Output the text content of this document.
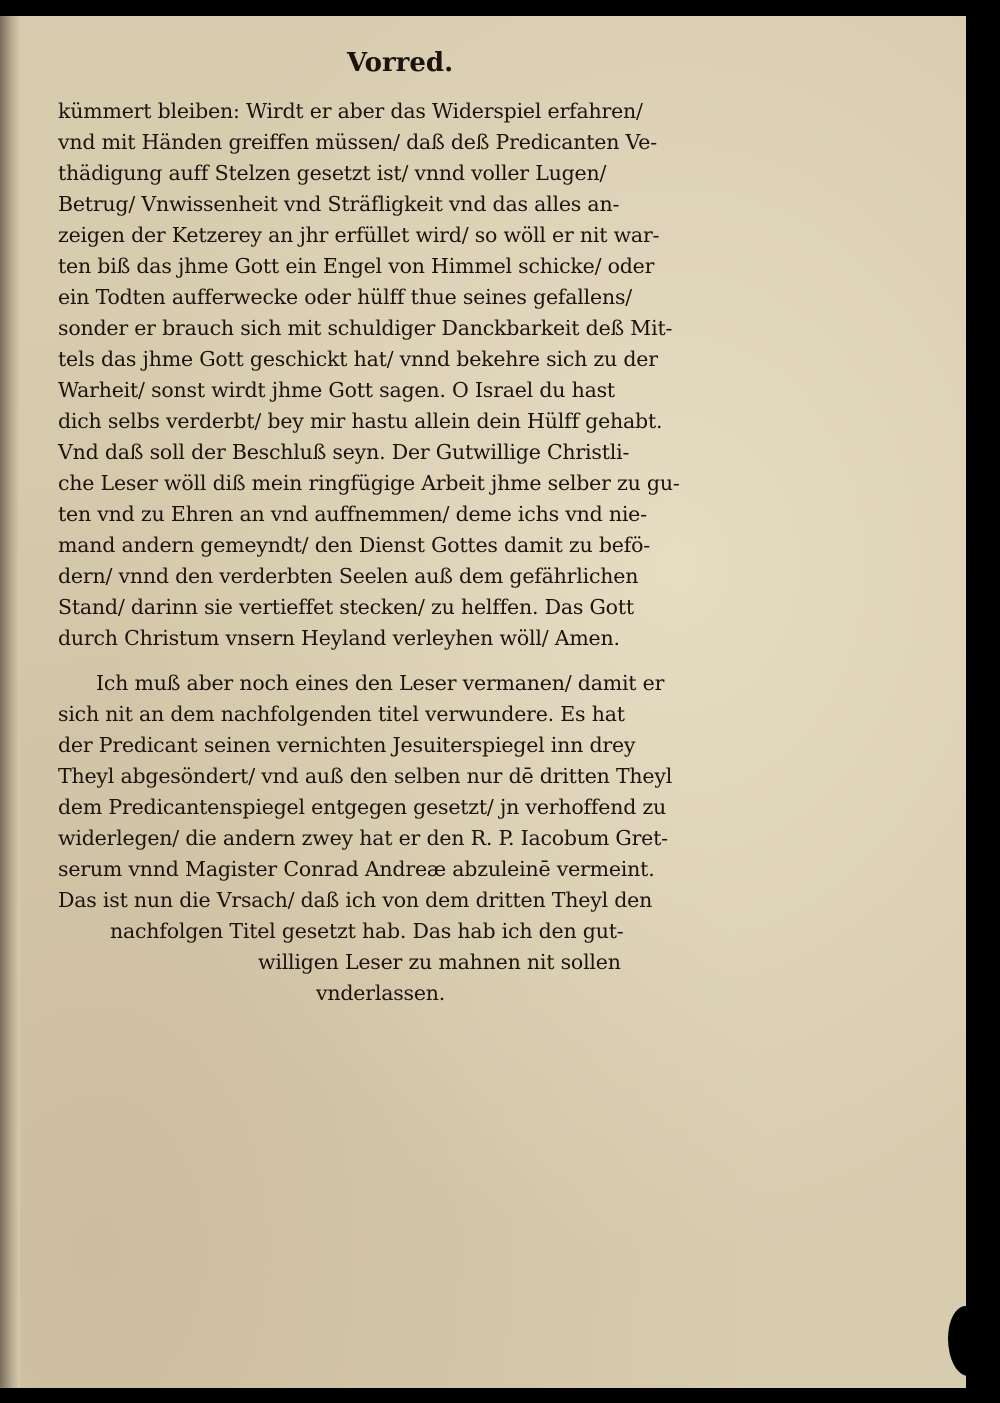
Vorred.
kümmert bleiben: Wirdt er aber das Widerspiel erfahren/
vnd mit Händen greiffen müssen/ daß deß Predicanten Ve-
thädigung auff Stelzen gesetzt ist/ vnnd voller Lugen/
Betrug/ Vnwissenheit vnd Sträfligkeit vnd das alles an-
zeigen der Ketzerey an jhr erfüllet wird/ so wöll er nit war-
ten biß das jhme Gott ein Engel von Himmel schicke/ oder
ein Todten aufferwecke oder hülff thue seines gefallens/
sonder er brauch sich mit schuldiger Danckbarkeit deß Mit-
tels das jhme Gott geschickt hat/ vnnd bekehre sich zu der
Warheit/ sonst wirdt jhme Gott sagen. O Israel du hast
dich selbs verderbt/ bey mir hastu allein dein Hülff gehabt.
Vnd daß soll der Beschluß seyn. Der Gutwillige Christli-
che Leser wöll diß mein ringfügige Arbeit jhme selber zu gu-
ten vnd zu Ehren an vnd auffnemmen/ deme ichs vnd nie-
mand andern gemeyndt/ den Dienst Gottes damit zu befö-
dern/ vnnd den verderbten Seelen auß dem gefährlichen
Stand/ darinn sie vertieffet stecken/ zu helffen. Das Gott
durch Christum vnsern Heyland verleyhen wöll/ Amen.
Ich muß aber noch eines den Leser vermanen/ damit er
sich nit an dem nachfolgenden titel verwundere. Es hat
der Predicant seinen vernichten Jesuiterspiegel inn drey
Theyl abgesöndert/ vnd auß den selben nur dē dritten Theyl
dem Predicantenspiegel entgegen gesetzt/ jn verhoffend zu
widerlegen/ die andern zwey hat er den R. P. Iacobum Gret-
serum vnnd Magister Conrad Andreæ abzuleinē vermeint.
Das ist nun die Vrsach/ daß ich von dem dritten Theyl den
nachfolgen Titel gesetzt hab. Das hab ich den gut-
willigen Leser zu mahnen nit sollen
vnderlassen.
